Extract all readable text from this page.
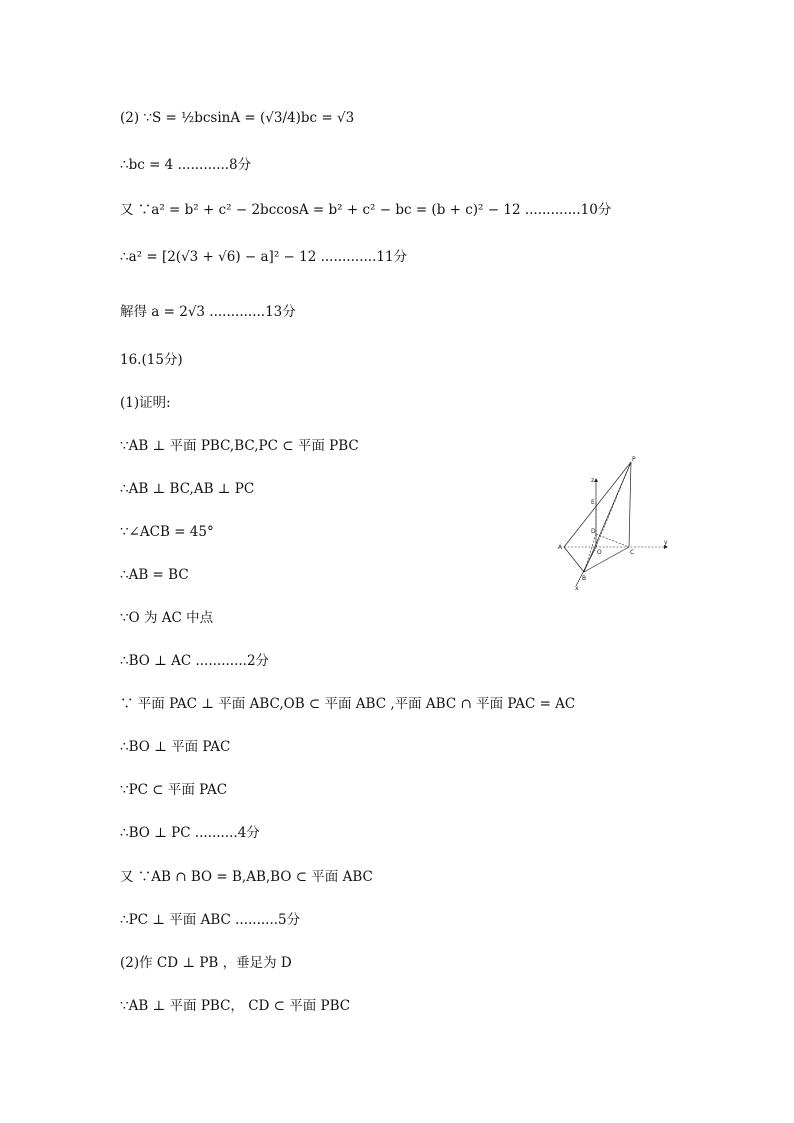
(2) ∵S = ½bcsinA = (√3/4)bc = √3
∴bc = 4 ............8分
又 ∵a² = b² + c² − 2bccosA = b² + c² − bc = (b + c)² − 12 .............10分
∴a² = [2(√3 + √6) − a]² − 12 .............11分
解得 a = 2√3 .............13分
16.(15分)
(1)证明:
∵AB ⊥ 平面 PBC,BC,PC ⊂ 平面 PBC
∴AB ⊥ BC,AB ⊥ PC
∵∠ACB = 45°
∴AB = BC
∵O 为 AC 中点
∴BO ⊥ AC ............2分
∵ 平面 PAC ⊥ 平面 ABC,OB ⊂ 平面 ABC ,平面 ABC ∩ 平面 PAC = AC
∴BO ⊥ 平面 PAC
∵PC ⊂ 平面 PAC
∴BO ⊥ PC ..........4分
又 ∵AB ∩ BO = B,AB,BO ⊂ 平面 ABC
∴PC ⊥ 平面 ABC ..........5分
(2)作 CD ⊥ PB ，垂足为 D
∵AB ⊥ 平面 PBC， CD ⊂ 平面 PBC
P
z
E
D
O
A
C
y
B
x
